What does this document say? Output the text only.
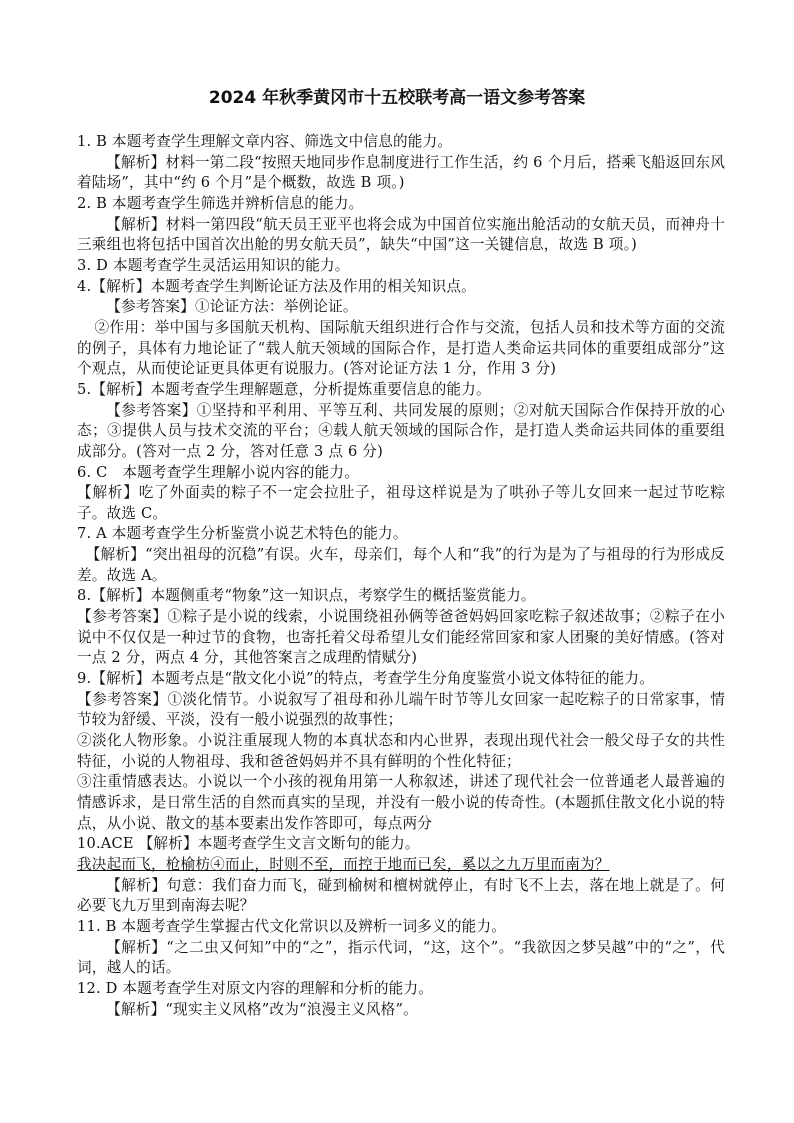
2024 年秋季黄冈市十五校联考高一语文参考答案

1. B 本题考查学生理解文章内容、筛选文中信息的能力。

【解析】材料一第二段“按照天地同步作息制度进行工作生活，约 6 个月后，搭乘飞船返回东风着陆场”，其中“约 6 个月”是个概数，故选 B 项。)

2. B 本题考查学生筛选并辨析信息的能力。

【解析】材料一第四段“航天员王亚平也将会成为中国首位实施出舱活动的女航天员，而神舟十三乘组也将包括中国首次出舱的男女航天员”，缺失“中国”这一关键信息，故选 B 项。)

3. D 本题考查学生灵活运用知识的能力。

4.【解析】本题考查学生判断论证方法及作用的相关知识点。

【参考答案】①论证方法：举例论证。

②作用：举中国与多国航天机构、国际航天组织进行合作与交流，包括人员和技术等方面的交流的例子，具体有力地论证了“载人航天领域的国际合作，是打造人类命运共同体的重要组成部分”这个观点，从而使论证更具体更有说服力。(答对论证方法 1 分，作用 3 分)

5.【解析】本题考查学生理解题意，分析提炼重要信息的能力。

【参考答案】①坚持和平利用、平等互利、共同发展的原则；②对航天国际合作保持开放的心态；③提供人员与技术交流的平台；④载人航天领域的国际合作，是打造人类命运共同体的重要组成部分。(答对一点 2 分，答对任意 3 点 6 分)

6. C　本题考查学生理解小说内容的能力。

【解析】吃了外面卖的粽子不一定会拉肚子，祖母这样说是为了哄孙子等儿女回来一起过节吃粽子。故选 C。

7. A 本题考查学生分析鉴赏小说艺术特色的能力。

【解析】“突出祖母的沉稳”有误。火车，母亲们，每个人和“我”的行为是为了与祖母的行为形成反差。故选 A。

8.【解析】本题侧重考“物象”这一知识点，考察学生的概括鉴赏能力。

【参考答案】①粽子是小说的线索，小说围绕祖孙俩等爸爸妈妈回家吃粽子叙述故事；②粽子在小说中不仅仅是一种过节的食物，也寄托着父母希望儿女们能经常回家和家人团聚的美好情感。(答对一点 2 分，两点 4 分，其他答案言之成理酌情赋分)

9.【解析】本题考点是“散文化小说”的特点，考查学生分角度鉴赏小说文体特征的能力。

【参考答案】①淡化情节。小说叙写了祖母和孙儿端午时节等儿女回家一起吃粽子的日常家事，情节较为舒缓、平淡，没有一般小说强烈的故事性；

②淡化人物形象。小说注重展现人物的本真状态和内心世界，表现出现代社会一般父母子女的共性特征，小说的人物祖母、我和爸爸妈妈并不具有鲜明的个性化特征；

③注重情感表达。小说以一个小孩的视角用第一人称叙述，讲述了现代社会一位普通老人最普遍的情感诉求，是日常生活的自然而真实的呈现，并没有一般小说的传奇性。(本题抓住散文化小说的特点，从小说、散文的基本要素出发作答即可，每点两分

10.ACE 【解析】本题考查学生文言文断句的能力。

我决起而飞，枪榆枋④而止，时则不至，而控于地而已矣，奚以之九万里而南为？

【解析】句意：我们奋力而飞，碰到榆树和檀树就停止，有时飞不上去，落在地上就是了。何必要飞九万里到南海去呢？

11. B 本题考查学生掌握古代文化常识以及辨析一词多义的能力。

【解析】“之二虫又何知”中的“之”，指示代词，“这，这个”。“我欲因之梦吴越”中的“之”，代词，越人的话。

12. D 本题考查学生对原文内容的理解和分析的能力。

【解析】“现实主义风格”改为“浪漫主义风格”。
